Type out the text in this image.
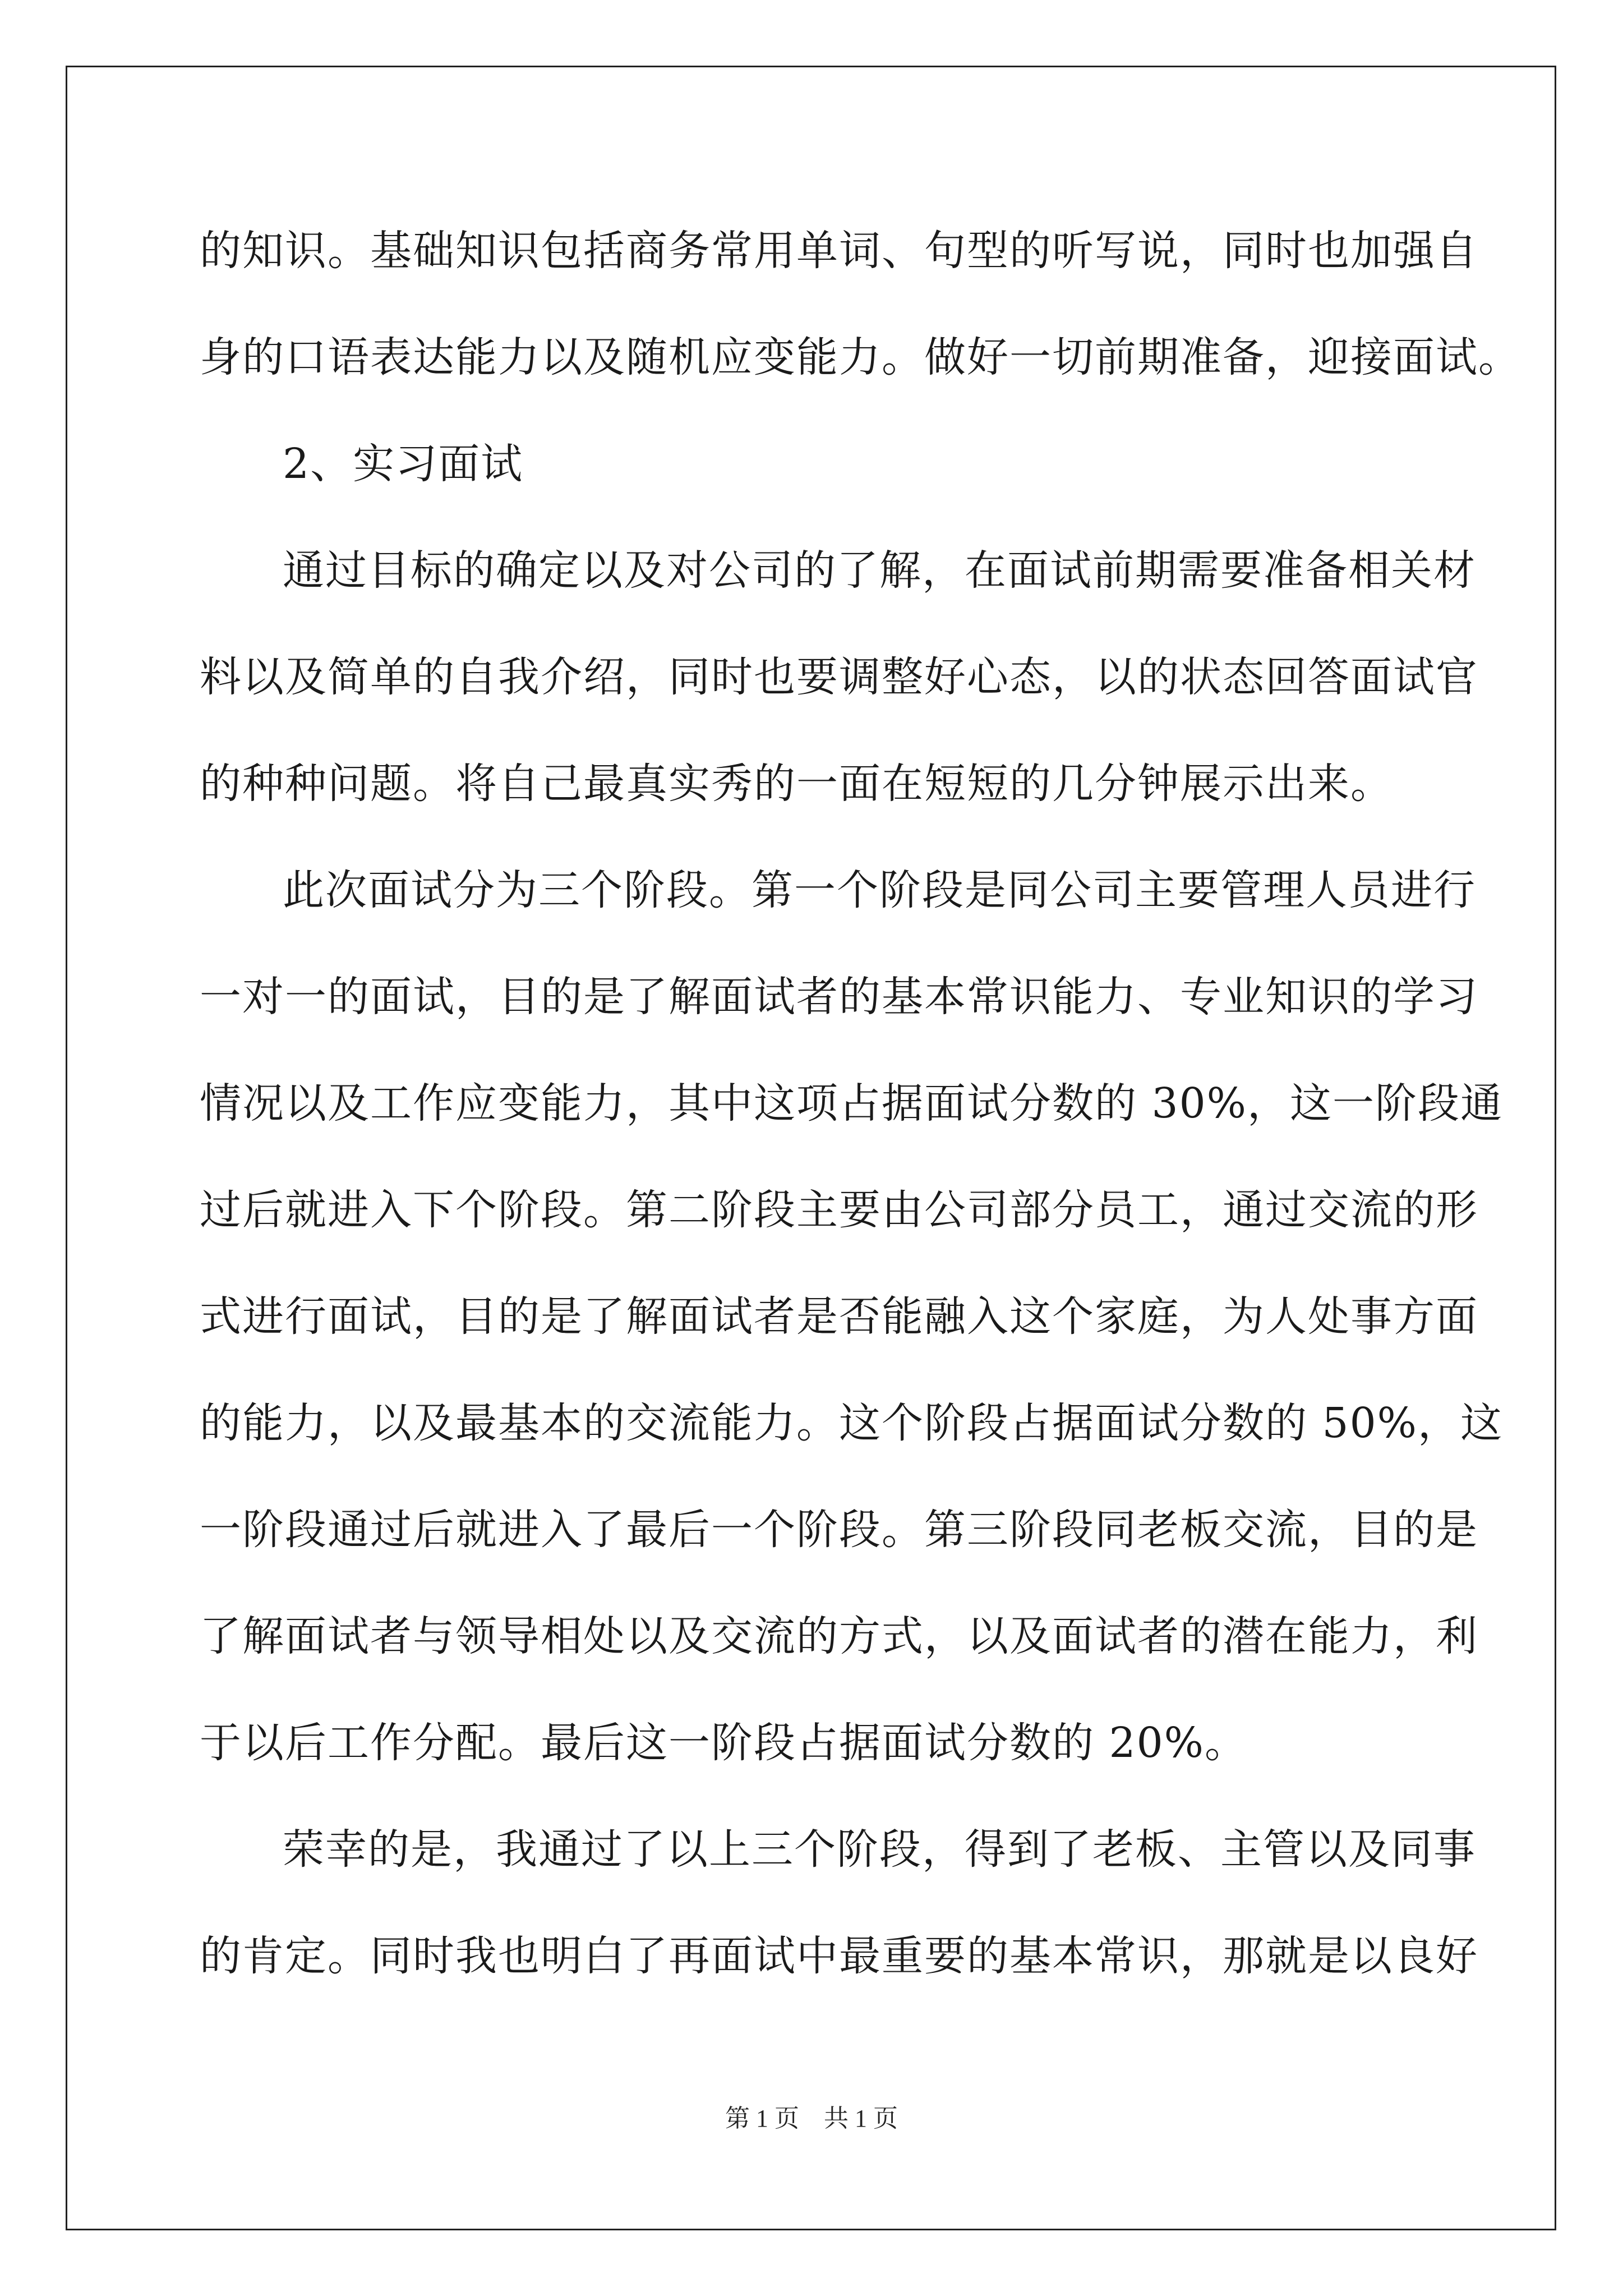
的知识。基础知识包括商务常用单词、句型的听写说，同时也加强自
身的口语表达能力以及随机应变能力。做好一切前期准备，迎接面试。
2、实习面试
通过目标的确定以及对公司的了解，在面试前期需要准备相关材
料以及简单的自我介绍，同时也要调整好心态，以的状态回答面试官
的种种问题。将自己最真实秀的一面在短短的几分钟展示出来。
此次面试分为三个阶段。第一个阶段是同公司主要管理人员进行
一对一的面试，目的是了解面试者的基本常识能力、专业知识的学习
情况以及工作应变能力，其中这项占据面试分数的 30%，这一阶段通
过后就进入下个阶段。第二阶段主要由公司部分员工，通过交流的形
式进行面试，目的是了解面试者是否能融入这个家庭，为人处事方面
的能力，以及最基本的交流能力。这个阶段占据面试分数的 50%，这
一阶段通过后就进入了最后一个阶段。第三阶段同老板交流，目的是
了解面试者与领导相处以及交流的方式，以及面试者的潜在能力，利
于以后工作分配。最后这一阶段占据面试分数的 20%。
荣幸的是，我通过了以上三个阶段，得到了老板、主管以及同事
的肯定。同时我也明白了再面试中最重要的基本常识，那就是以良好
第 1 页　共 1 页
